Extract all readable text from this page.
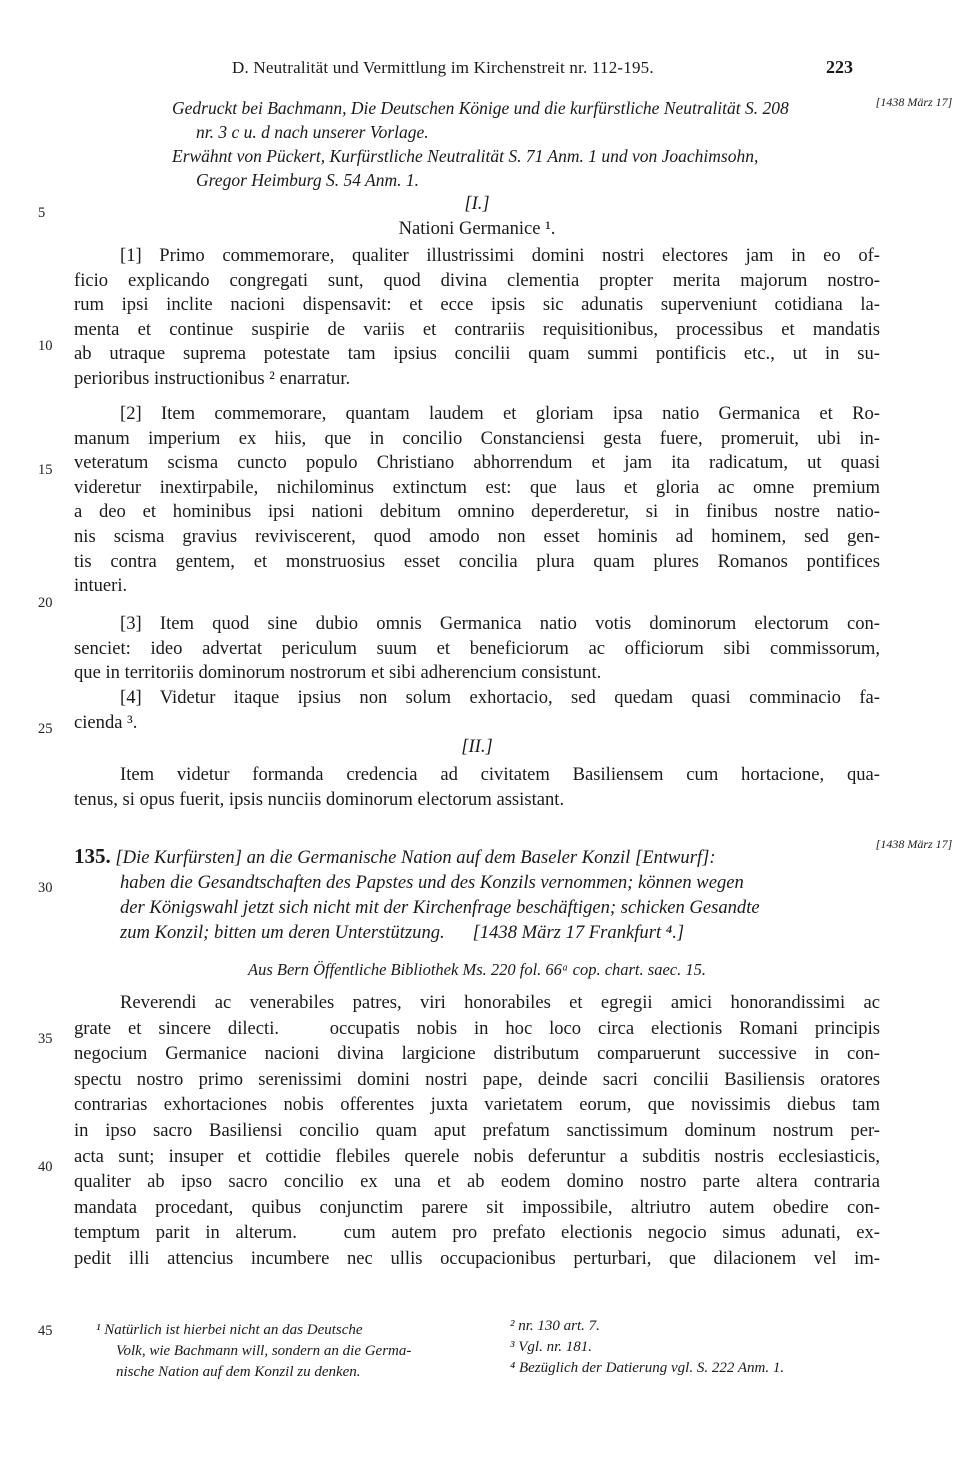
D. Neutralität und Vermittlung im Kirchenstreit nr. 112-195.	223
[1438 März 17]
[1438 März 17]
5
10
15
20
25
30
35
40
45
Gedruckt bei Bachmann, Die Deutschen Könige und die kurfürstliche Neutralität S. 208
nr. 3 c u. d nach unserer Vorlage.
Erwähnt von Pückert, Kurfürstliche Neutralität S. 71 Anm. 1 und von Joachimsohn,
Gregor Heimburg S. 54 Anm. 1.
[I.]
Nationi Germanice ¹.
[1] Primo commemorare, qualiter illustrissimi domini nostri electores jam in eo of-
ficio explicando congregati sunt, quod divina clementia propter merita majorum nostro-
rum ipsi inclite nacioni dispensavit: et ecce ipsis sic adunatis superveniunt cotidiana la-
menta et continue suspirie de variis et contrariis requisitionibus, processibus et mandatis
ab utraque suprema potestate tam ipsius concilii quam summi pontificis etc., ut in su-
perioribus instructionibus ² enarratur.
[2] Item commemorare, quantam laudem et gloriam ipsa natio Germanica et Ro-
manum imperium ex hiis, que in concilio Constanciensi gesta fuere, promeruit, ubi in-
veteratum scisma cuncto populo Christiano abhorrendum et jam ita radicatum, ut quasi
videretur inextirpabile, nichilominus extinctum est: que laus et gloria ac omne premium
a deo et hominibus ipsi nationi debitum omnino deperderetur, si in finibus nostre natio-
nis scisma gravius reviviscerent, quod amodo non esset hominis ad hominem, sed gen-
tis contra gentem, et monstruosius esset concilia plura quam plures Romanos pontifices
intueri.
[3] Item quod sine dubio omnis Germanica natio votis dominorum electorum con-
senciet: ideo advertat periculum suum et beneficiorum ac officiorum sibi commissorum,
que in territoriis dominorum nostrorum et sibi adherencium consistunt.
[4] Videtur itaque ipsius non solum exhortacio, sed quedam quasi comminacio fa-
cienda ³.
[II.]
Item videtur formanda credencia ad civitatem Basiliensem cum hortacione, qua-
tenus, si opus fuerit, ipsis nunciis dominorum electorum assistant.
135. [Die Kurfürsten] an die Germanische Nation auf dem Baseler Konzil [Entwurf]:
haben die Gesandtschaften des Papstes und des Konzils vernommen; können wegen
der Königswahl jetzt sich nicht mit der Kirchenfrage beschäftigen; schicken Gesandte
zum Konzil; bitten um deren Unterstützung.      [1438 März 17 Frankfurt ⁴.]
Aus Bern Öffentliche Bibliothek Ms. 220 fol. 66ᵃ cop. chart. saec. 15.
Reverendi ac venerabiles patres, viri honorabiles et egregii amici honorandissimi ac
grate et sincere dilecti.   occupatis nobis in hoc loco circa electionis Romani principis
negocium Germanice nacioni divina largicione distributum comparuerunt successive in con-
spectu nostro primo serenissimi domini nostri pape, deinde sacri concilii Basiliensis oratores
contrarias exhortaciones nobis offerentes juxta varietatem eorum, que novissimis diebus tam
in ipso sacro Basiliensi concilio quam aput prefatum sanctissimum dominum nostrum per-
acta sunt; insuper et cottidie flebiles querele nobis deferuntur a subditis nostris ecclesiasticis,
qualiter ab ipso sacro concilio ex una et ab eodem domino nostro parte altera contraria
mandata procedant, quibus conjunctim parere sit impossibile, altriutro autem obedire con-
temptum parit in alterum.   cum autem pro prefato electionis negocio simus adunati, ex-
pedit illi attencius incumbere nec ullis occupacionibus perturbari, que dilacionem vel im-
¹ Natürlich ist hierbei nicht an das Deutsche
Volk, wie Bachmann will, sondern an die Germa-
nische Nation auf dem Konzil zu denken.
² nr. 130 art. 7.
³ Vgl. nr. 181.
⁴ Bezüglich der Datierung vgl. S. 222 Anm. 1.
